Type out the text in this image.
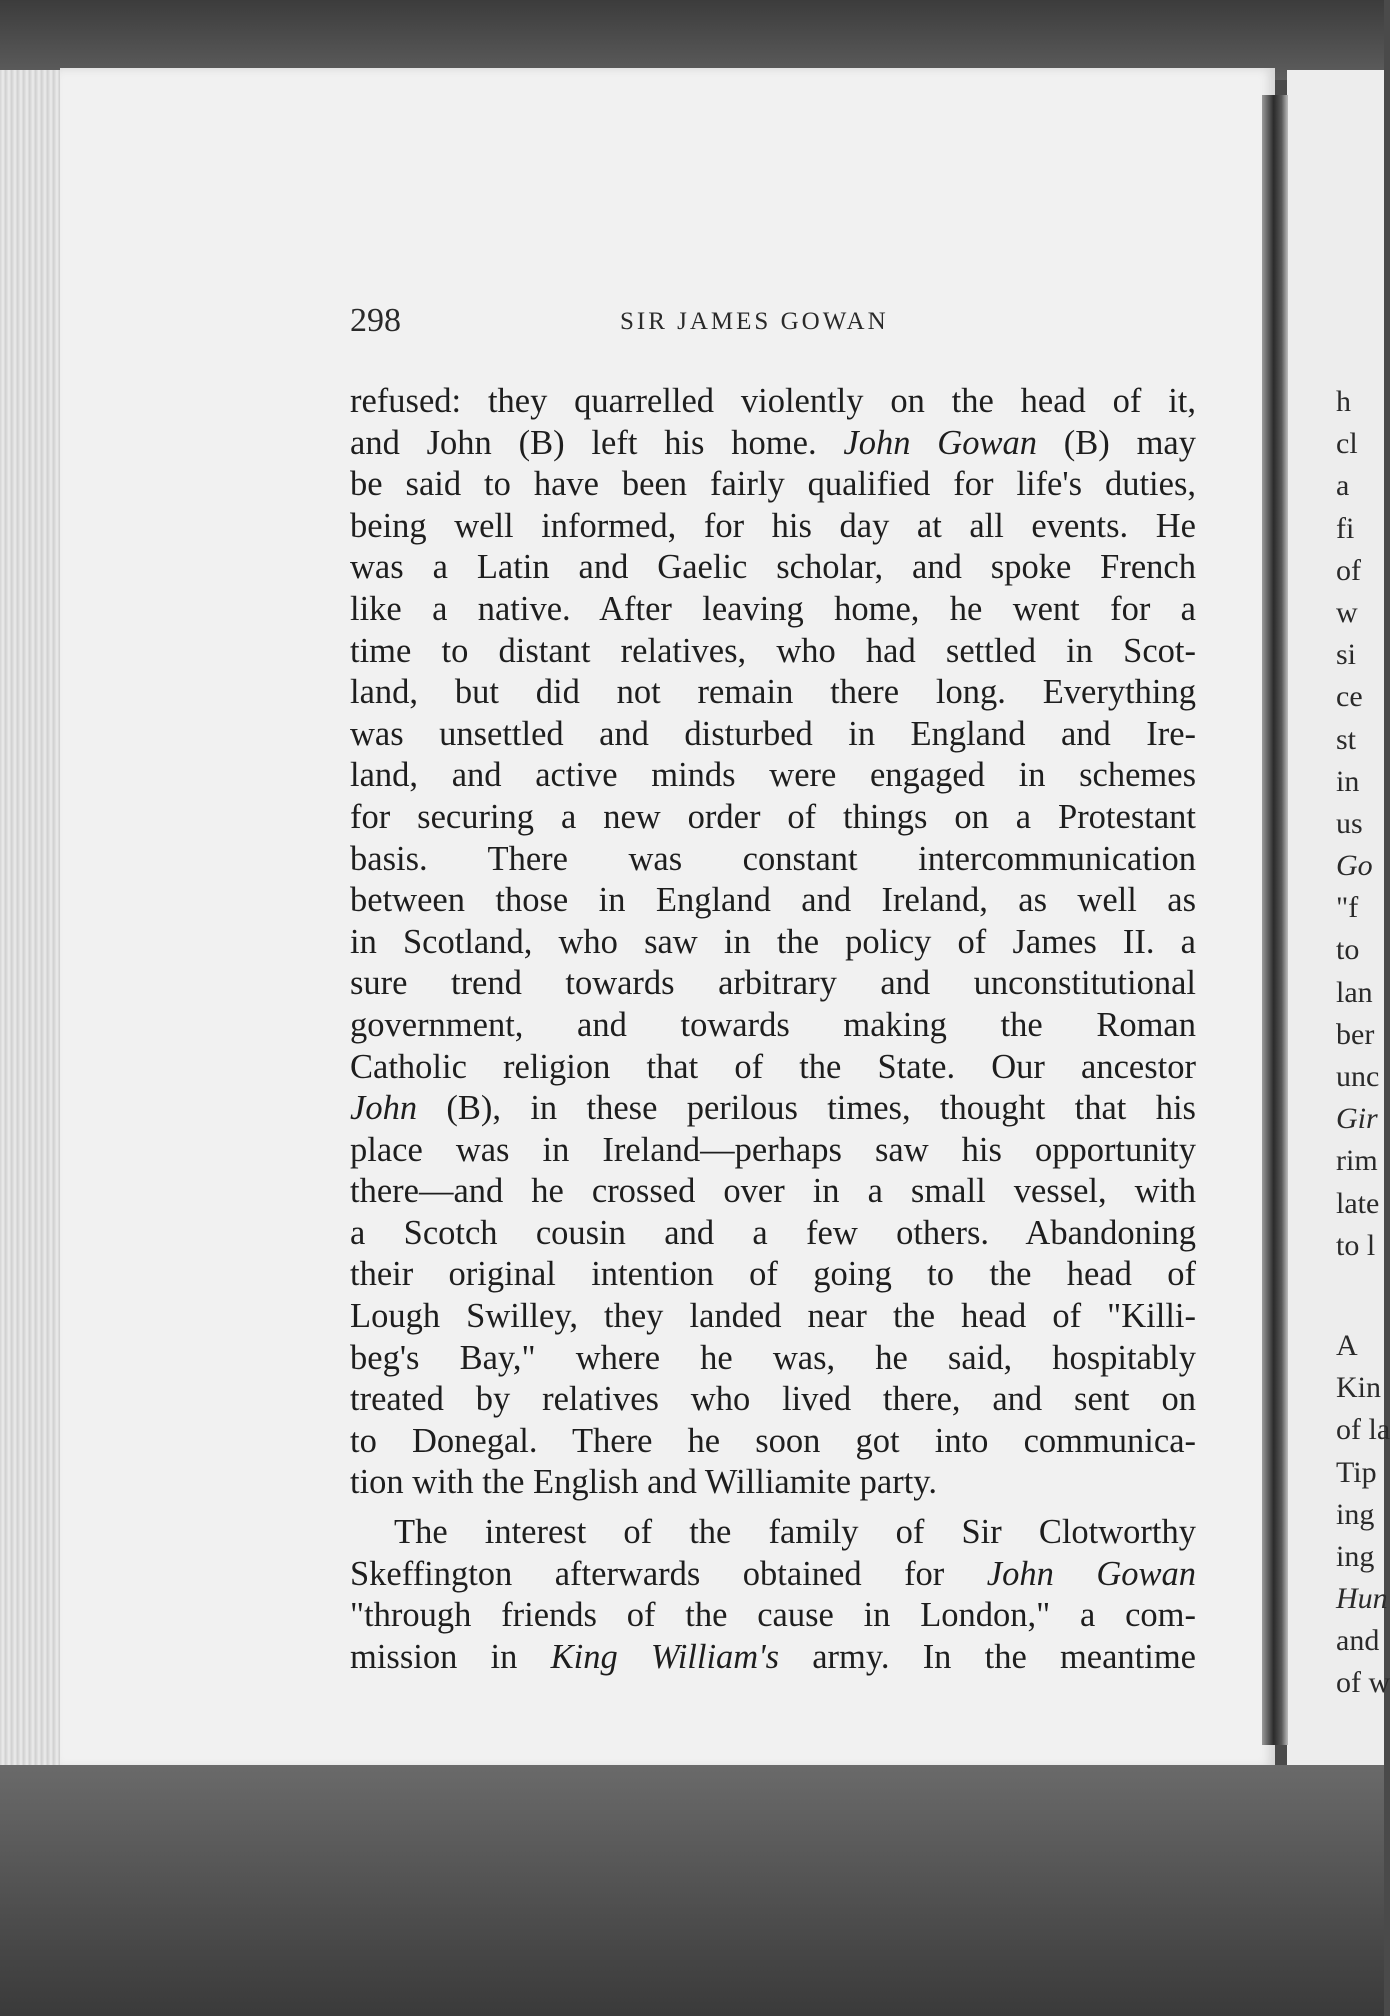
298	SIR JAMES GOWAN
refused: they quarrelled violently on the head of it,
and John (B) left his home. John Gowan (B) may
be said to have been fairly qualified for life's duties,
being well informed, for his day at all events. He
was a Latin and Gaelic scholar, and spoke French
like a native. After leaving home, he went for a
time to distant relatives, who had settled in Scot-
land, but did not remain there long. Everything
was unsettled and disturbed in England and Ire-
land, and active minds were engaged in schemes
for securing a new order of things on a Protestant
basis. There was constant intercommunication
between those in England and Ireland, as well as
in Scotland, who saw in the policy of James II. a
sure trend towards arbitrary and unconstitutional
government, and towards making the Roman
Catholic religion that of the State. Our ancestor
John (B), in these perilous times, thought that his
place was in Ireland—perhaps saw his opportunity
there—and he crossed over in a small vessel, with
a Scotch cousin and a few others. Abandoning
their original intention of going to the head of
Lough Swilley, they landed near the head of "Killi-
beg's Bay," where he was, he said, hospitably
treated by relatives who lived there, and sent on
to Donegal. There he soon got into communica-
tion with the English and Williamite party.
The interest of the family of Sir Clotworthy
Skeffington afterwards obtained for John Gowan
"through friends of the cause in London," a com-
mission in King William's army. In the meantime
h
cl
a
fi
of
w
si
ce
st
in
us
Go
"f
to
lan
ber
unc
Gir
rim
late
to l
A
Kin
of la
Tip
ing
ing
Hun
and
of w
